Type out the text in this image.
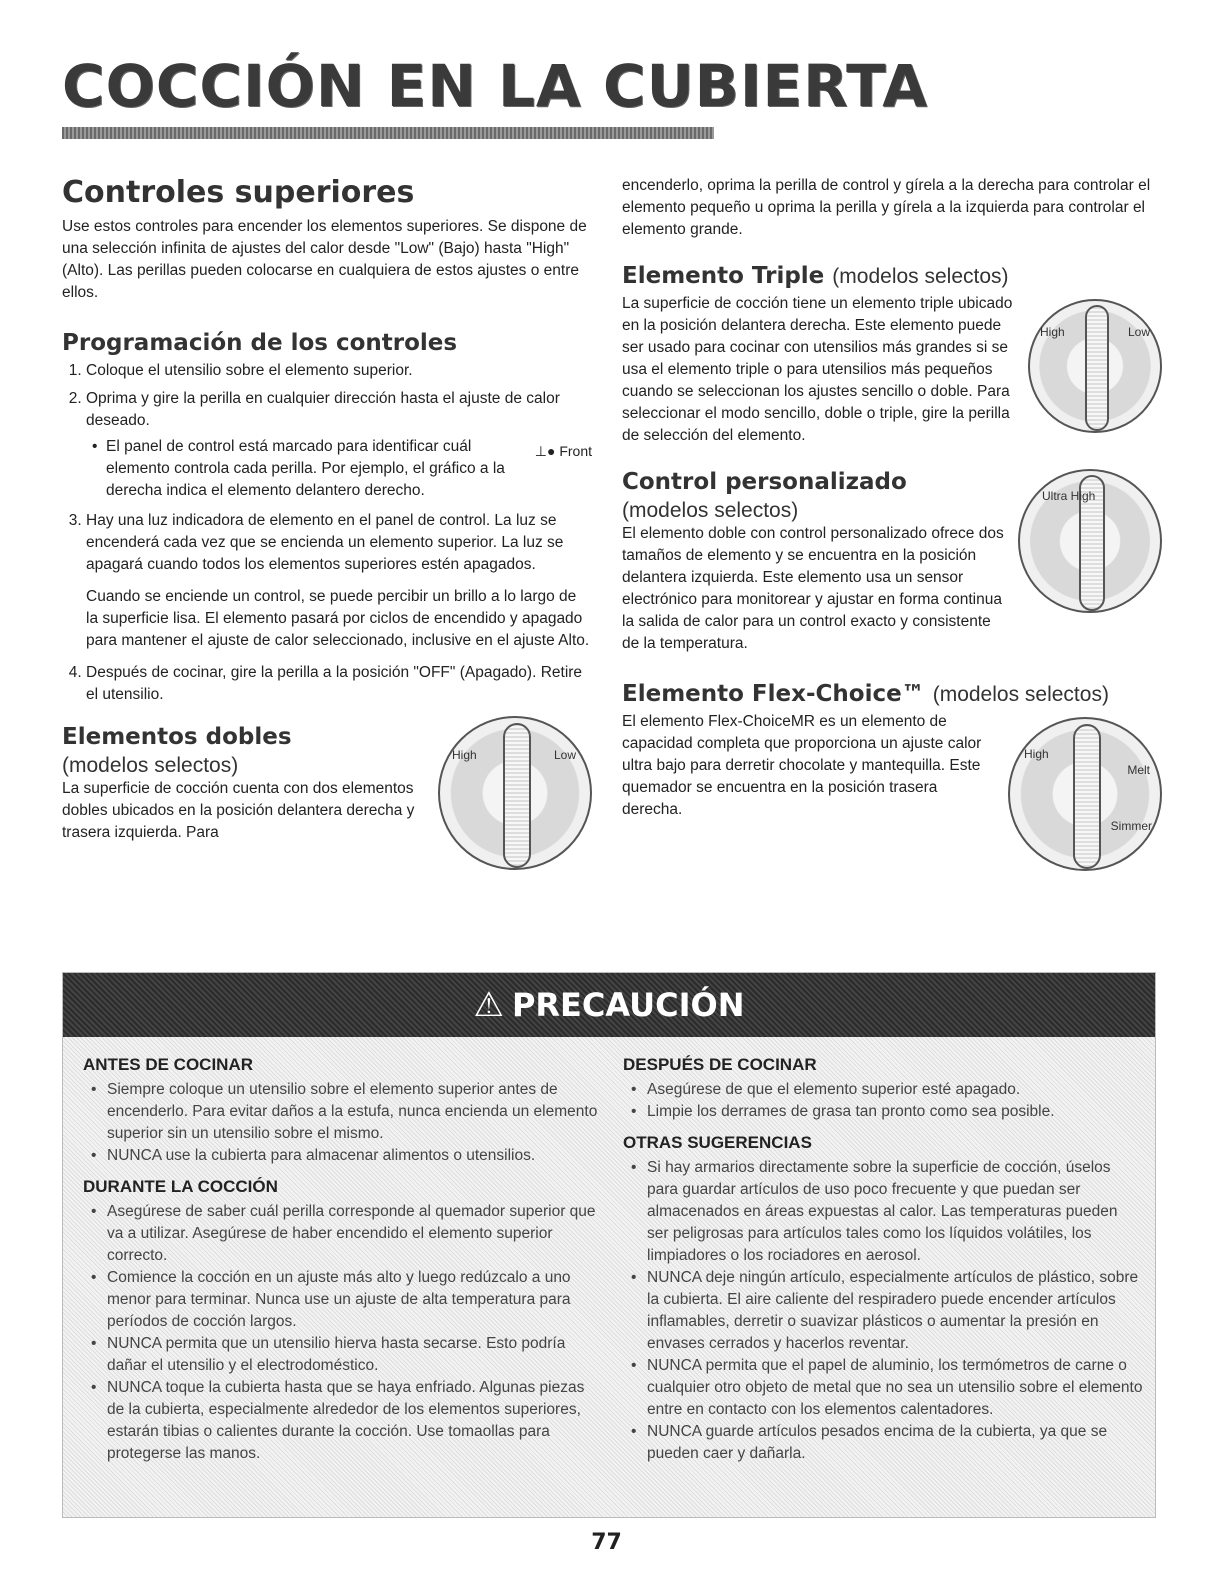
COCCIÓN EN LA CUBIERTA
Controles superiores

Use estos controles para encender los elementos superiores. Se dispone de una selección infinita de ajustes del calor desde "Low" (Bajo) hasta "High" (Alto). Las perillas pueden colocarse en cualquiera de estos ajustes o entre ellos.

Programación de los controles
1. Coloque el utensilio sobre el elemento superior.
2. Oprima y gire la perilla en cualquier dirección hasta el ajuste de calor deseado.
• ⊥● Front
El panel de control está marcado para identificar cuál elemento controla cada perilla. Por ejemplo, el gráfico a la derecha indica el elemento delantero derecho.
3. Hay una luz indicadora de elemento en el panel de control. La luz se encenderá cada vez que se encienda un elemento superior. La luz se apagará cuando todos los elementos superiores estén apagados.

Cuando se enciende un control, se puede percibir un brillo a lo largo de la superficie lisa. El elemento pasará por ciclos de encendido y apagado para mantener el ajuste de calor seleccionado, inclusive en el ajuste Alto.

4. Después de cocinar, gire la perilla a la posición "OFF" (Apagado). Retire el utensilio.
High	Low
Elementos dobles
(modelos selectos)

La superficie de cocción cuenta con dos elementos dobles ubicados en la posición delantera derecha y trasera izquierda. Para

encenderlo, oprima la perilla de control y gírela a la derecha para controlar el elemento pequeño u oprima la perilla y gírela a la izquierda para controlar el elemento grande.

High	Low
Elemento Triple (modelos selectos)

La superficie de cocción tiene un elemento triple ubicado en la posición delantera derecha. Este elemento puede ser usado para cocinar con utensilios más grandes si se usa el elemento triple o para utensilios más pequeños cuando se seleccionan los ajustes sencillo o doble. Para seleccionar el modo sencillo, doble o triple, gire la perilla de selección del elemento.

Ultra High
Control personalizado
(modelos selectos)

El elemento doble con control personalizado ofrece dos tamaños de elemento y se encuentra en la posición delantera izquierda. Este elemento usa un sensor electrónico para monitorear y ajustar en forma continua la salida de calor para un control exacto y consistente de la temperatura.

Elemento Flex-Choice™ (modelos selectos)
High
Melt
Simmer

El elemento Flex-ChoiceMR es un elemento de capacidad completa que proporciona un ajuste calor ultra bajo para derretir chocolate y mantequilla. Este quemador se encuentra en la posición trasera derecha.

⚠ PRECAUCIÓN
ANTES DE COCINAR
• Siempre coloque un utensilio sobre el elemento superior antes de encenderlo. Para evitar daños a la estufa, nunca encienda un elemento superior sin un utensilio sobre el mismo.
• NUNCA use la cubierta para almacenar alimentos o utensilios.
DURANTE LA COCCIÓN
• Asegúrese de saber cuál perilla corresponde al quemador superior que va a utilizar. Asegúrese de haber encendido el elemento superior correcto.
• Comience la cocción en un ajuste más alto y luego redúzcalo a uno menor para terminar. Nunca use un ajuste de alta temperatura para períodos de cocción largos.
• NUNCA permita que un utensilio hierva hasta secarse. Esto podría dañar el utensilio y el electrodoméstico.
• NUNCA toque la cubierta hasta que se haya enfriado. Algunas piezas de la cubierta, especialmente alrededor de los elementos superiores, estarán tibias o calientes durante la cocción. Use tomaollas para protegerse las manos.
DESPUÉS DE COCINAR
• Asegúrese de que el elemento superior esté apagado.
• Limpie los derrames de grasa tan pronto como sea posible.
OTRAS SUGERENCIAS
• Si hay armarios directamente sobre la superficie de cocción, úselos para guardar artículos de uso poco frecuente y que puedan ser almacenados en áreas expuestas al calor. Las temperaturas pueden ser peligrosas para artículos tales como los líquidos volátiles, los limpiadores o los rociadores en aerosol.
• NUNCA deje ningún artículo, especialmente artículos de plástico, sobre la cubierta. El aire caliente del respiradero puede encender artículos inflamables, derretir o suavizar plásticos o aumentar la presión en envases cerrados y hacerlos reventar.
• NUNCA permita que el papel de aluminio, los termómetros de carne o cualquier otro objeto de metal que no sea un utensilio sobre el elemento entre en contacto con los elementos calentadores.
• NUNCA guarde artículos pesados encima de la cubierta, ya que se pueden caer y dañarla.
77
